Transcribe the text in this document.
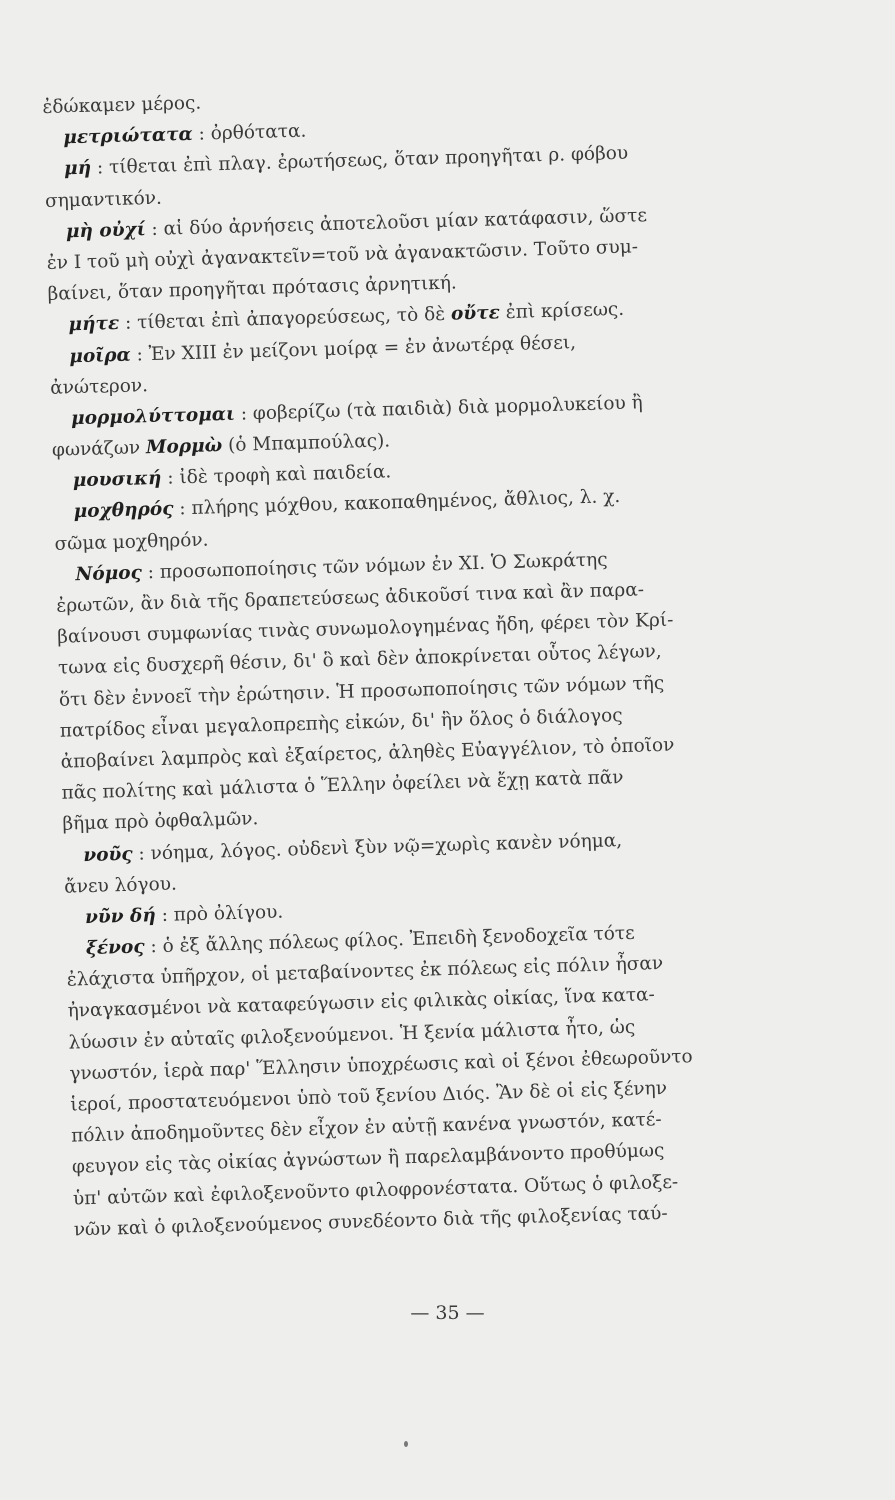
ἐδώκαμεν μέρος.
μετριώτατα : ὀρθότατα.
μή : τίθεται ἐπὶ πλαγ. ἐρωτήσεως, ὅταν προηγῆται ρ. φόβου
σημαντικόν.
μὴ οὐχί : αἱ δύο ἀρνήσεις ἀποτελοῦσι μίαν κατάφασιν, ὥστε
ἐν I τοῦ μὴ οὐχὶ ἀγανακτεῖν=τοῦ νὰ ἀγανακτῶσιν. Τοῦτο συμ-
βαίνει, ὅταν προηγῆται πρότασις ἀρνητική.
μήτε : τίθεται ἐπὶ ἀπαγορεύσεως, τὸ δὲ οὔτε ἐπὶ κρίσεως.
μοῖρα : Ἐν XIII ἐν μείζονι μοίρᾳ = ἐν ἀνωτέρᾳ θέσει,
ἀνώτερον.
μορμολύττομαι : φοβερίζω (τὰ παιδιὰ) διὰ μορμολυκείου ἢ
φωνάζων Μορμὼ (ὁ Μπαμπούλας).
μουσική : ἰδὲ τροφὴ καὶ παιδεία.
μοχθηρός : πλήρης μόχθου, κακοπαθημένος, ἄθλιος, λ. χ.
σῶμα μοχθηρόν.
Νόμος : προσωποποίησις τῶν νόμων ἐν XI. Ὁ Σωκράτης
ἐρωτῶν, ἂν διὰ τῆς δραπετεύσεως ἀδικοῦσί τινα καὶ ἂν παρα-
βαίνουσι συμφωνίας τινὰς συνωμολογημένας ἤδη, φέρει τὸν Κρί-
τωνα εἰς δυσχερῆ θέσιν, δι' ὃ καὶ δὲν ἀποκρίνεται οὗτος λέγων,
ὅτι δὲν ἐννοεῖ τὴν ἐρώτησιν. Ἡ προσωποποίησις τῶν νόμων τῆς
πατρίδος εἶναι μεγαλοπρεπὴς εἰκών, δι' ἣν ὅλος ὁ διάλογος
ἀποβαίνει λαμπρὸς καὶ ἐξαίρετος, ἀληθὲς Εὐαγγέλιον, τὸ ὁποῖον
πᾶς πολίτης καὶ μάλιστα ὁ Ἕλλην ὀφείλει νὰ ἔχῃ κατὰ πᾶν
βῆμα πρὸ ὀφθαλμῶν.
νοῦς : νόημα, λόγος. οὐδενὶ ξὺν νῷ=χωρὶς κανὲν νόημα,
ἄνευ λόγου.
νῦν δή : πρὸ ὀλίγου.
ξένος : ὁ ἐξ ἄλλης πόλεως φίλος. Ἐπειδὴ ξενοδοχεῖα τότε
ἐλάχιστα ὑπῆρχον, οἱ μεταβαίνοντες ἐκ πόλεως εἰς πόλιν ἦσαν
ἠναγκασμένοι νὰ καταφεύγωσιν εἰς φιλικὰς οἰκίας, ἵνα κατα-
λύωσιν ἐν αὐταῖς φιλοξενούμενοι. Ἡ ξενία μάλιστα ἦτο, ὡς
γνωστόν, ἱερὰ παρ' Ἕλλησιν ὑποχρέωσις καὶ οἱ ξένοι ἐθεωροῦντο
ἱεροί, προστατευόμενοι ὑπὸ τοῦ ξενίου Διός. Ἂν δὲ οἱ εἰς ξένην
πόλιν ἀποδημοῦντες δὲν εἶχον ἐν αὐτῇ κανένα γνωστόν, κατέ-
φευγον εἰς τὰς οἰκίας ἀγνώστων ἢ παρελαμβάνοντο προθύμως
ὑπ' αὐτῶν καὶ ἐφιλοξενοῦντο φιλοφρονέστατα. Οὕτως ὁ φιλοξε-
νῶν καὶ ὁ φιλοξενούμενος συνεδέοντο διὰ τῆς φιλοξενίας ταύ-
— 35 —
